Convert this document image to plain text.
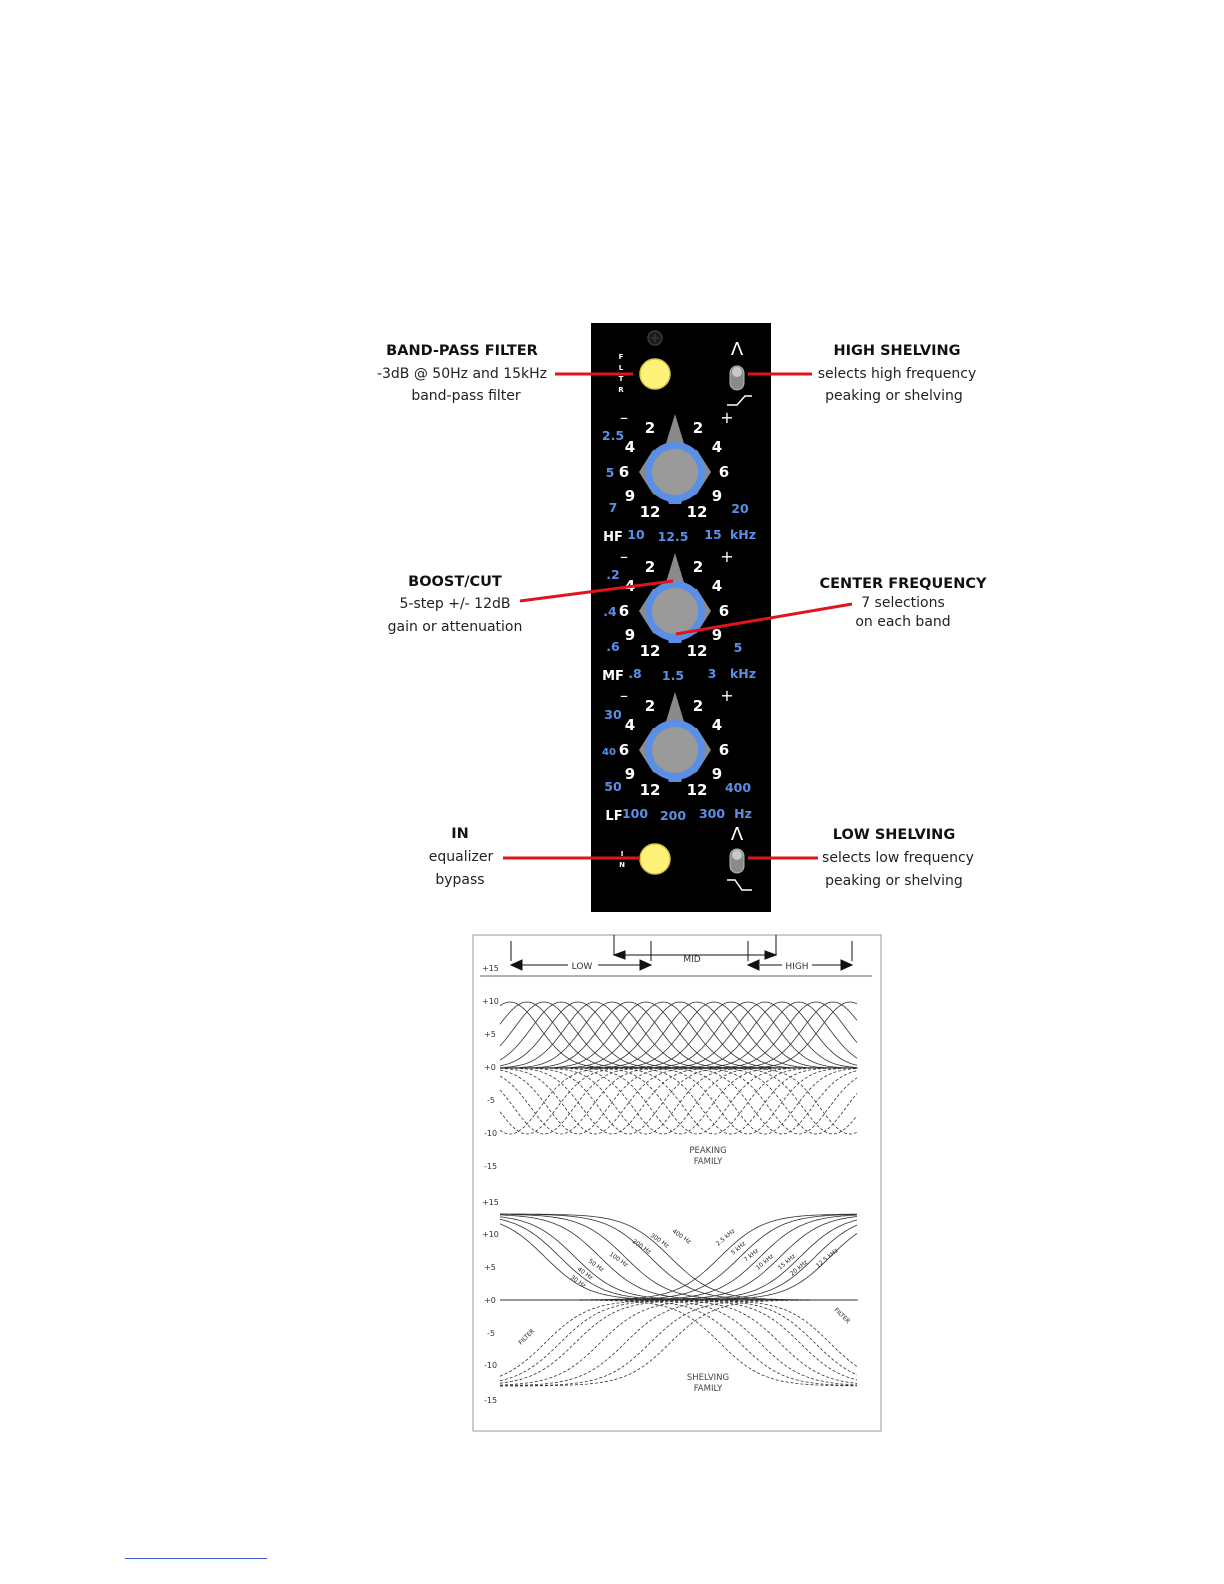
F
L
T
R
Λ
–	+
2
4
6
9
12 12
9
6
4
2
2.5
5
7
10 12.5 15
20
HF	kHz
–	+
2
4
6
9
12 12
9
6
4
2
.2
.4
.6
.8 1.5 3
5
MF	kHz
–	+
2
4
6
9
12 12
9
6
4
2
30
40
50
100 200 300
400
LF	Hz
I
N
Λ
BAND-PASS FILTER
-3dB @ 50Hz and 15kHz
band-pass filter
HIGH SHELVING
selects high frequency
peaking or shelving
BOOST/CUT
5-step +/- 12dB
gain or attenuation
CENTER FREQUENCY
7 selections
on each band
IN
equalizer
bypass
LOW SHELVING
selects low frequency
peaking or shelving
LOW
MID
HIGH
+15
+10
+5
+0
-5
-10
-15
+15
+10
+5
+0
-5
-10
-15
PEAKING
FAMILY
SHELVING
FAMILY
400 Hz
300 Hz
200 Hz
100 Hz
50 Hz
40 Hz
30 Hz
2.5 kHz
5 kHz
7 kHz
10 kHz 15 kHz
20 kHz 12.5 kHz
FILTER
FILTER
